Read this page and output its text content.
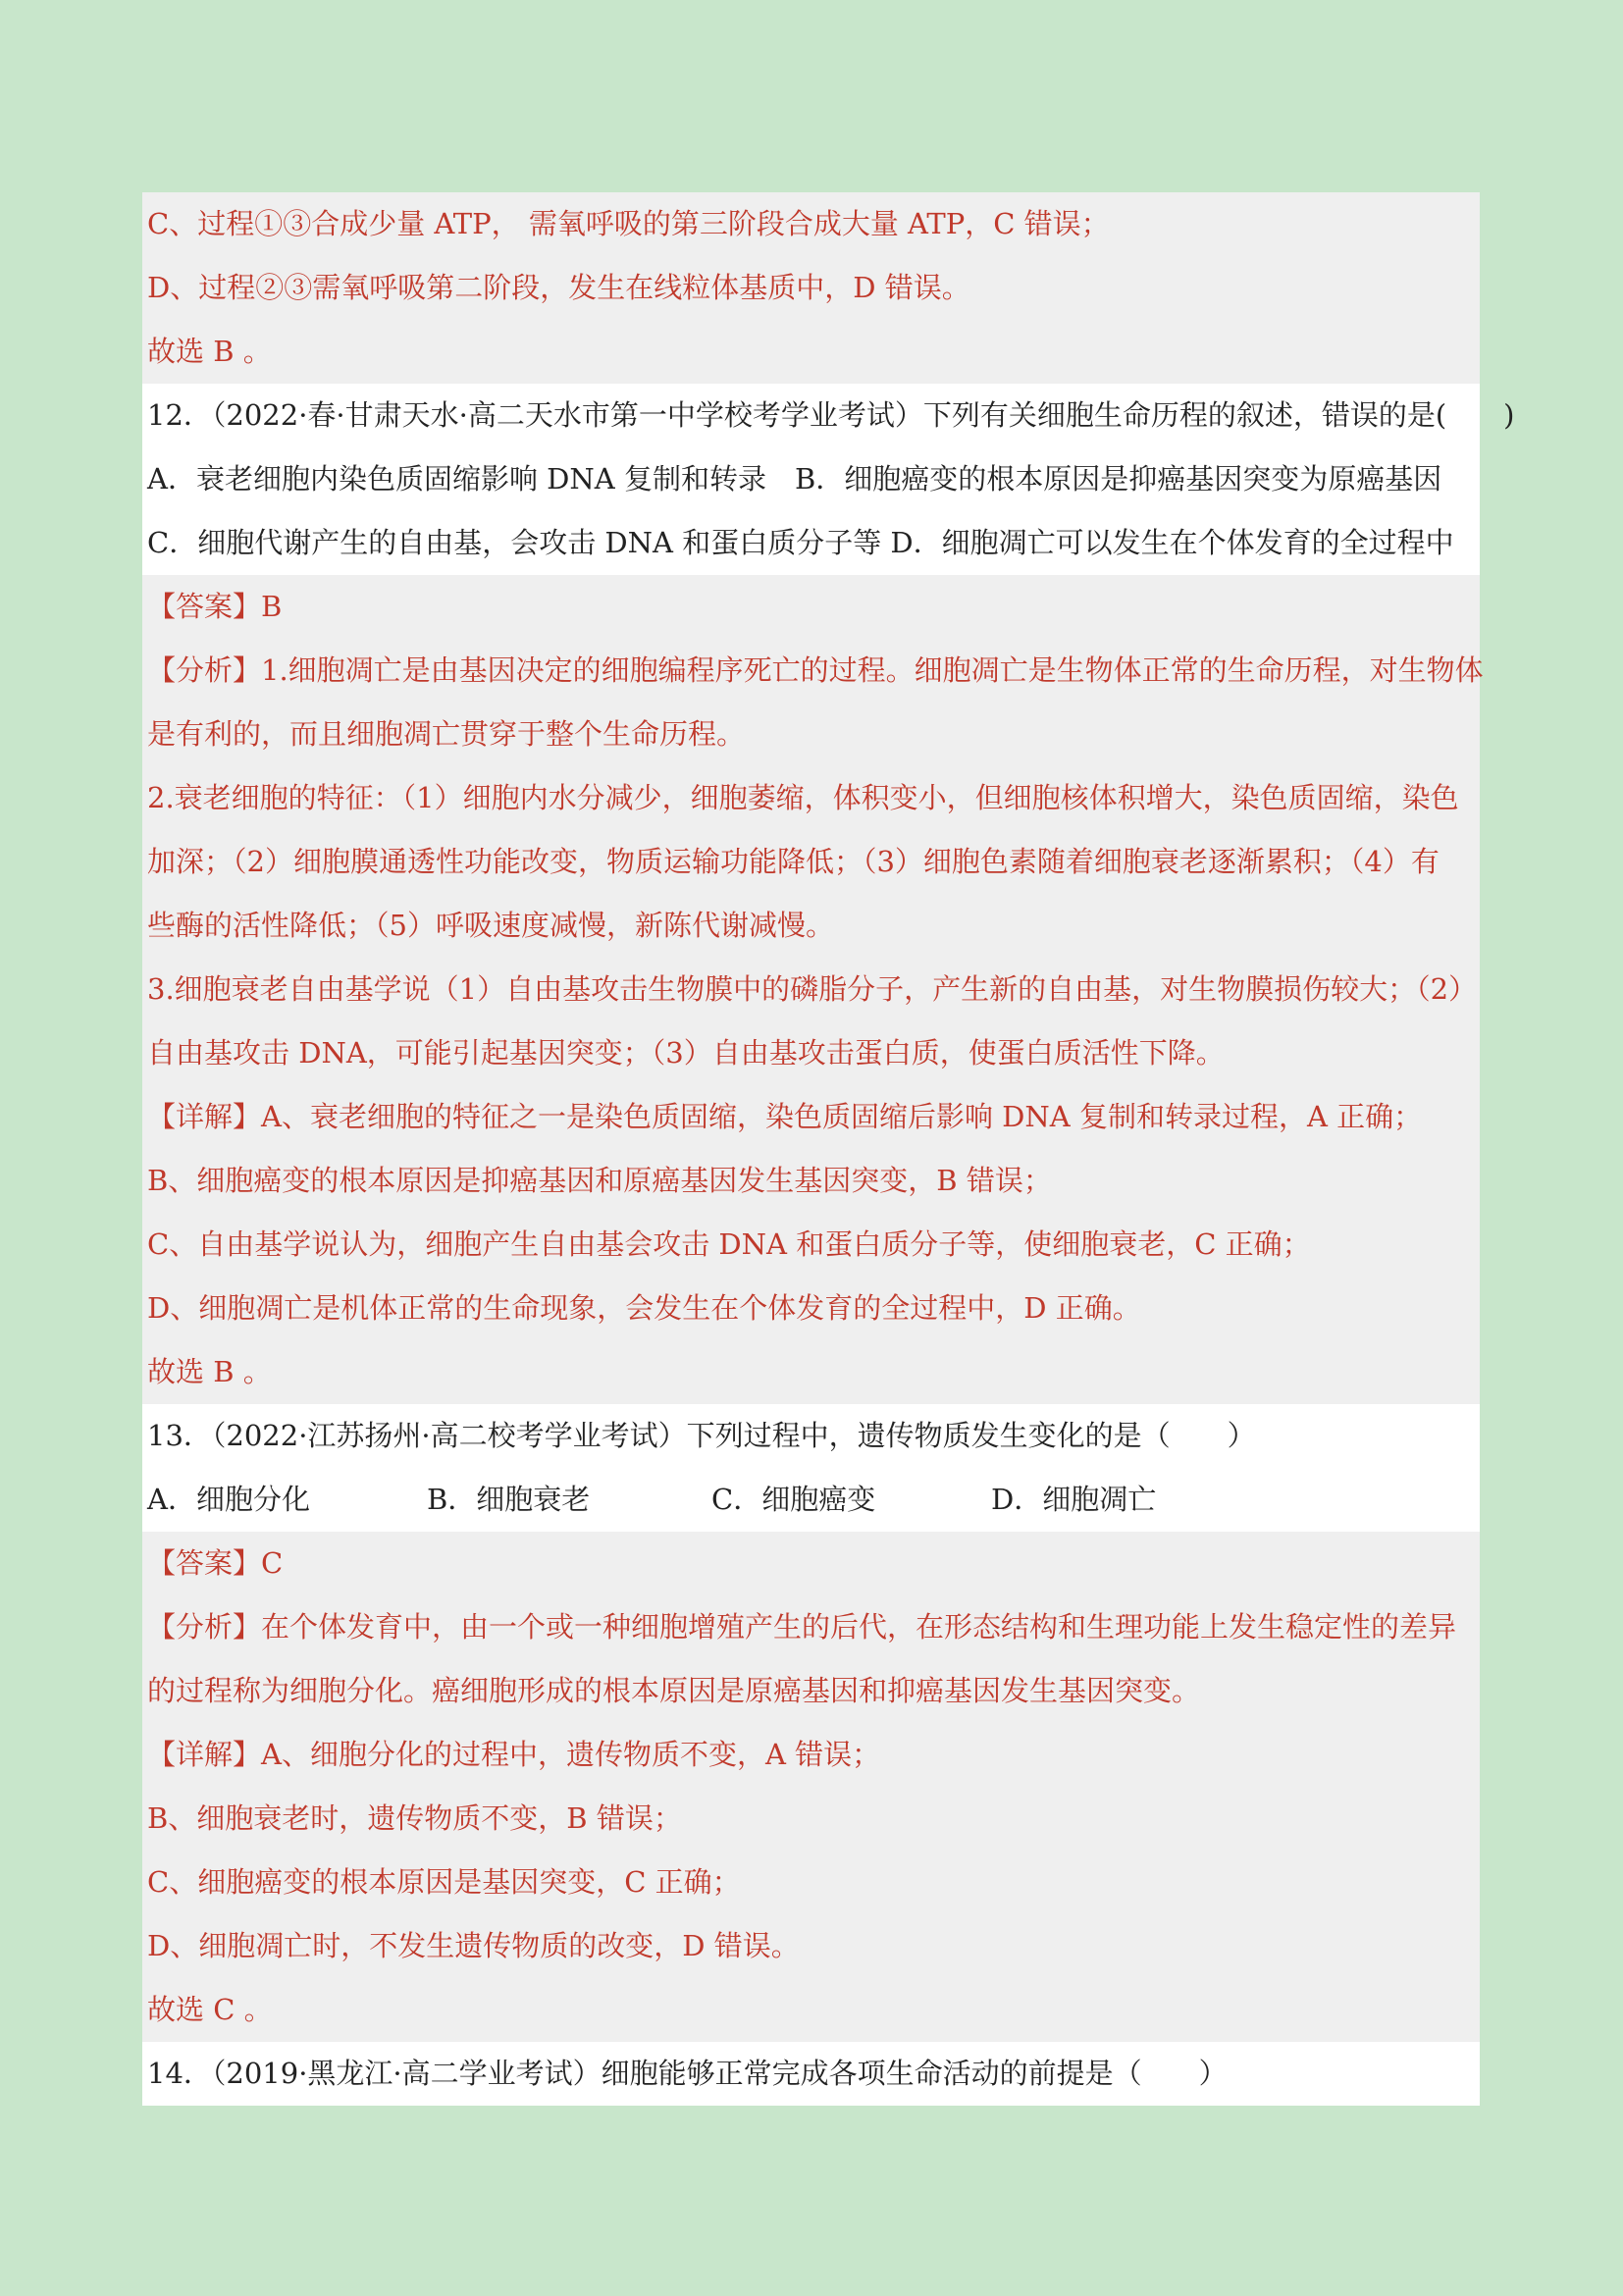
C、过程①③合成少量 ATP， 需氧呼吸的第三阶段合成大量 ATP，C 错误；
D、过程②③需氧呼吸第二阶段，发生在线粒体基质中，D 错误。
故选 B 。
12．（2022·春·甘肃天水·高二天水市第一中学校考学业考试）下列有关细胞生命历程的叙述，错误的是(　　)
A．衰老细胞内染色质固缩影响 DNA 复制和转录　B．细胞癌变的根本原因是抑癌基因突变为原癌基因
C．细胞代谢产生的自由基，会攻击 DNA 和蛋白质分子等 D．细胞凋亡可以发生在个体发育的全过程中
【答案】B
【分析】1.细胞凋亡是由基因决定的细胞编程序死亡的过程。细胞凋亡是生物体正常的生命历程，对生物体
是有利的，而且细胞凋亡贯穿于整个生命历程。
2.衰老细胞的特征：（1）细胞内水分减少，细胞萎缩，体积变小，但细胞核体积增大，染色质固缩，染色
加深；（2）细胞膜通透性功能改变，物质运输功能降低；（3）细胞色素随着细胞衰老逐渐累积；（4）有
些酶的活性降低；（5）呼吸速度减慢，新陈代谢减慢。
3.细胞衰老自由基学说（1）自由基攻击生物膜中的磷脂分子，产生新的自由基，对生物膜损伤较大；（2）
自由基攻击 DNA，可能引起基因突变；（3）自由基攻击蛋白质，使蛋白质活性下降。
【详解】A、衰老细胞的特征之一是染色质固缩，染色质固缩后影响 DNA 复制和转录过程，A 正确；
B、细胞癌变的根本原因是抑癌基因和原癌基因发生基因突变，B 错误；
C、自由基学说认为，细胞产生自由基会攻击 DNA 和蛋白质分子等，使细胞衰老，C 正确；
D、细胞凋亡是机体正常的生命现象，会发生在个体发育的全过程中，D 正确。
故选 B 。
13．（2022·江苏扬州·高二校考学业考试）下列过程中，遗传物质发生变化的是（　　）
A．细胞分化	B．细胞衰老	C．细胞癌变	D．细胞凋亡
【答案】C
【分析】在个体发育中，由一个或一种细胞增殖产生的后代，在形态结构和生理功能上发生稳定性的差异
的过程称为细胞分化。癌细胞形成的根本原因是原癌基因和抑癌基因发生基因突变。
【详解】A、细胞分化的过程中，遗传物质不变，A 错误；
B、细胞衰老时，遗传物质不变，B 错误；
C、细胞癌变的根本原因是基因突变，C 正确；
D、细胞凋亡时，不发生遗传物质的改变，D 错误。
故选 C 。
14．（2019·黑龙江·高二学业考试）细胞能够正常完成各项生命活动的前提是（　　）
